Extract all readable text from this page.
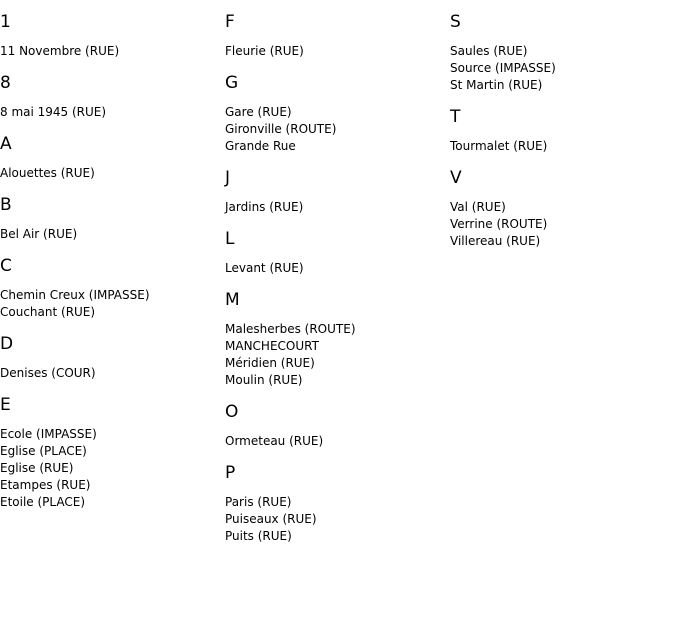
1
11 Novembre (RUE)
8
8 mai 1945 (RUE)
A
Alouettes (RUE)
B
Bel Air (RUE)
C
Chemin Creux (IMPASSE)
Couchant (RUE)
D
Denises (COUR)
E
Ecole (IMPASSE)
Eglise (PLACE)
Eglise (RUE)
Etampes (RUE)
Etoile (PLACE)
F
Fleurie (RUE)
G
Gare (RUE)
Gironville (ROUTE)
Grande Rue
J
Jardins (RUE)
L
Levant (RUE)
M
Malesherbes (ROUTE)
MANCHECOURT
Méridien (RUE)
Moulin (RUE)
O
Ormeteau (RUE)
P
Paris (RUE)
Puiseaux (RUE)
Puits (RUE)
S
Saules (RUE)
Source (IMPASSE)
St Martin (RUE)
T
Tourmalet (RUE)
V
Val (RUE)
Verrine (ROUTE)
Villereau (RUE)
